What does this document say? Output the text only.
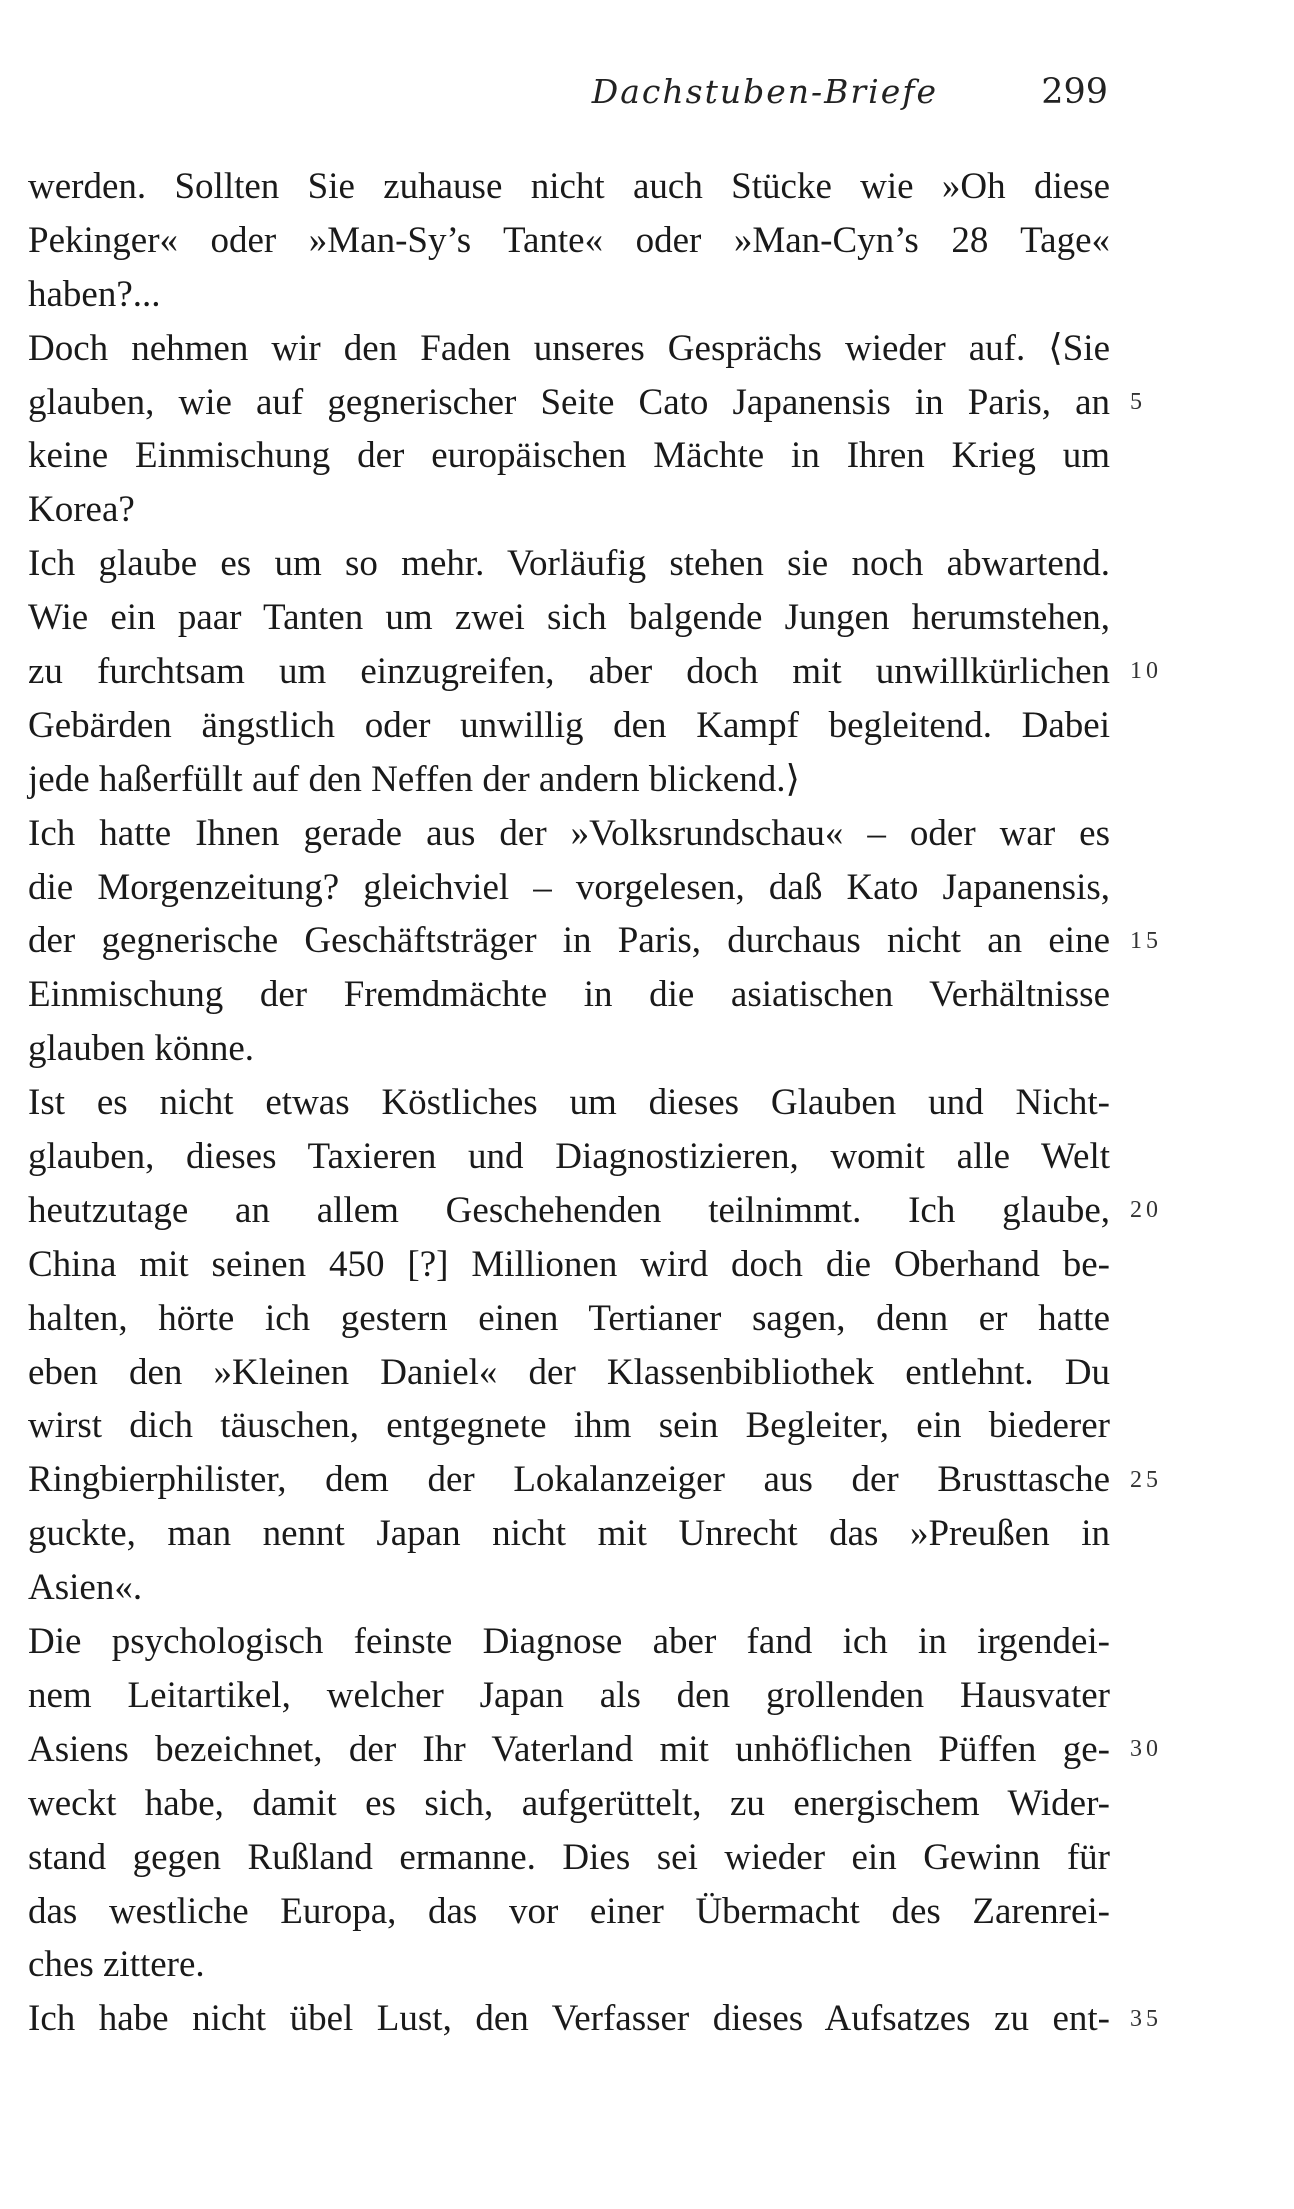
Dachstuben-Briefe	299
werden. Sollten Sie zuhause nicht auch Stücke wie »Oh diese
Pekinger« oder »Man-Sy’s Tante« oder »Man-Cyn’s 28 Tage«
haben?...
Doch nehmen wir den Faden unseres Gesprächs wieder auf. ⟨Sie
glauben, wie auf gegnerischer Seite Cato Japanensis in Paris, an
keine Einmischung der europäischen Mächte in Ihren Krieg um
Korea?
Ich glaube es um so mehr. Vorläufig stehen sie noch abwartend.
Wie ein paar Tanten um zwei sich balgende Jungen herumstehen,
zu furchtsam um einzugreifen, aber doch mit unwillkürlichen
Gebärden ängstlich oder unwillig den Kampf begleitend. Dabei
jede haßerfüllt auf den Neffen der andern blickend.⟩
Ich hatte Ihnen gerade aus der »Volksrundschau« – oder war es
die Morgenzeitung? gleichviel – vorgelesen, daß Kato Japanensis,
der gegnerische Geschäftsträger in Paris, durchaus nicht an eine
Einmischung der Fremdmächte in die asiatischen Verhältnisse
glauben könne.
Ist es nicht etwas Köstliches um dieses Glauben und Nicht-
glauben, dieses Taxieren und Diagnostizieren, womit alle Welt
heutzutage an allem Geschehenden teilnimmt. Ich glaube,
China mit seinen 450 [?] Millionen wird doch die Oberhand be-
halten, hörte ich gestern einen Tertianer sagen, denn er hatte
eben den »Kleinen Daniel« der Klassenbibliothek entlehnt. Du
wirst dich täuschen, entgegnete ihm sein Begleiter, ein biederer
Ringbierphilister, dem der Lokalanzeiger aus der Brusttasche
guckte, man nennt Japan nicht mit Unrecht das »Preußen in
Asien«.
Die psychologisch feinste Diagnose aber fand ich in irgendei-
nem Leitartikel, welcher Japan als den grollenden Hausvater
Asiens bezeichnet, der Ihr Vaterland mit unhöflichen Püffen ge-
weckt habe, damit es sich, aufgerüttelt, zu energischem Wider-
stand gegen Rußland ermanne. Dies sei wieder ein Gewinn für
das westliche Europa, das vor einer Übermacht des Zarenrei-
ches zittere.
Ich habe nicht übel Lust, den Verfasser dieses Aufsatzes zu ent-
5
10
15
20
25
30
35
